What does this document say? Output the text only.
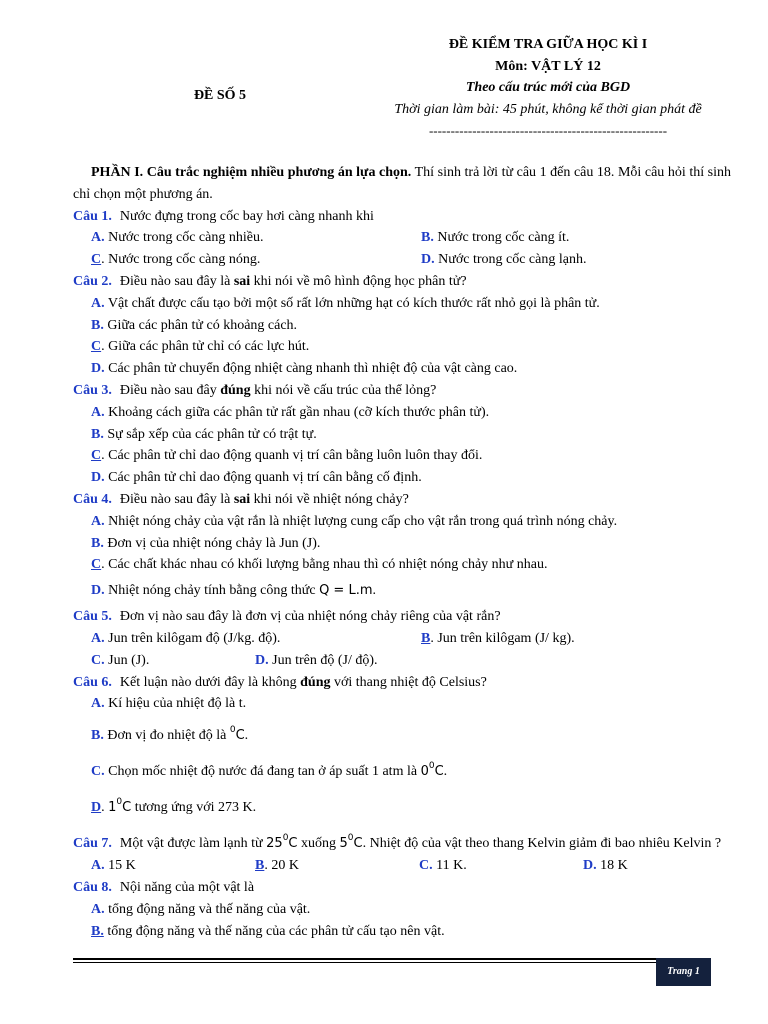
ĐỀ SỐ 5
ĐỀ KIỂM TRA GIỮA HỌC KÌ I
Môn: VẬT LÝ 12
Theo cấu trúc mới của BGD
Thời gian làm bài: 45 phút, không kể thời gian phát đề
-------------------------------------------------------

PHẦN I. Câu trắc nghiệm nhiều phương án lựa chọn. Thí sinh trả lời từ câu 1 đến câu 18. Mỗi câu hỏi thí sinh chỉ chọn một phương án.

Câu 1. Nước đựng trong cốc bay hơi càng nhanh khi

A. Nước trong cốc càng nhiều.	B. Nước trong cốc càng ít.
C. Nước trong cốc càng nóng.	D. Nước trong cốc càng lạnh.

Câu 2. Điều nào sau đây là sai khi nói về mô hình động học phân tử?

A. Vật chất được cấu tạo bởi một số rất lớn những hạt có kích thước rất nhỏ gọi là phân tử.

B. Giữa các phân tử có khoảng cách.

C. Giữa các phân tử chỉ có các lực hút.

D. Các phân tử chuyển động nhiệt càng nhanh thì nhiệt độ của vật càng cao.

Câu 3. Điều nào sau đây đúng khi nói về cấu trúc của thể lỏng?

A. Khoảng cách giữa các phân tử rất gần nhau (cỡ kích thước phân tử).

B. Sự sắp xếp của các phân tử có trật tự.

C. Các phân tử chỉ dao động quanh vị trí cân bằng luôn luôn thay đổi.

D. Các phân tử chỉ dao động quanh vị trí cân bằng cố định.

Câu 4. Điều nào sau đây là sai khi nói về nhiệt nóng chảy?

A. Nhiệt nóng chảy của vật rắn là nhiệt lượng cung cấp cho vật rắn trong quá trình nóng chảy.

B. Đơn vị của nhiệt nóng chảy là Jun (J).

C. Các chất khác nhau có khối lượng bằng nhau thì có nhiệt nóng chảy như nhau.

D. Nhiệt nóng chảy tính bằng công thức Q = L.m.

Câu 5. Đơn vị nào sau đây là đơn vị của nhiệt nóng chảy riêng của vật rắn?

A. Jun trên kilôgam độ (J/kg. độ).	B. Jun trên kilôgam (J/ kg).
C. Jun (J).	D. Jun trên độ (J/ độ).

Câu 6. Kết luận nào dưới đây là không đúng với thang nhiệt độ Celsius?

A. Kí hiệu của nhiệt độ là t.

B. Đơn vị đo nhiệt độ là $^0$C.

C. Chọn mốc nhiệt độ nước đá đang tan ở áp suất 1 atm là $0^0C$.

D. $1^0C$ tương ứng với 273 K.

Câu 7. Một vật được làm lạnh từ $25^0C$ xuống $5^0C$. Nhiệt độ của vật theo thang Kelvin giảm đi bao nhiêu Kelvin ?

A. 15 K	B. 20 K	C. 11 K.	D. 18 K

Câu 8. Nội năng của một vật là

A. tổng động năng và thế năng của vật.

B. tổng động năng và thế năng của các phân tử cấu tạo nên vật.

Trang 1
